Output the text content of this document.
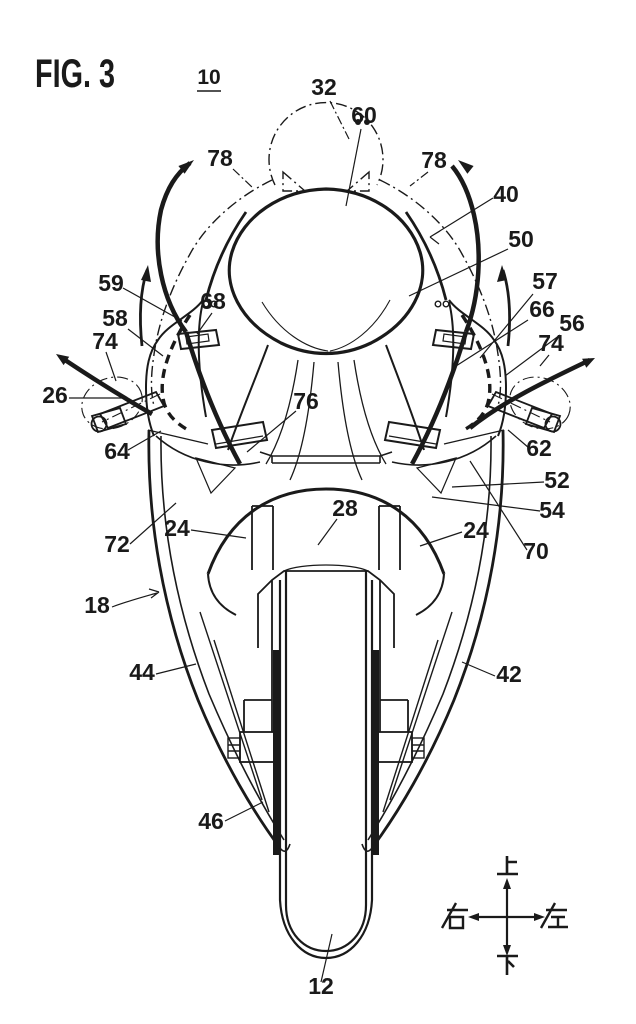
FIG. 3	10	32
60
78	78
40
50
57
66
56
74
59
68
58
74
26
64	62
52
54
76
28
24	24
70
72
18
44	42
46
12
